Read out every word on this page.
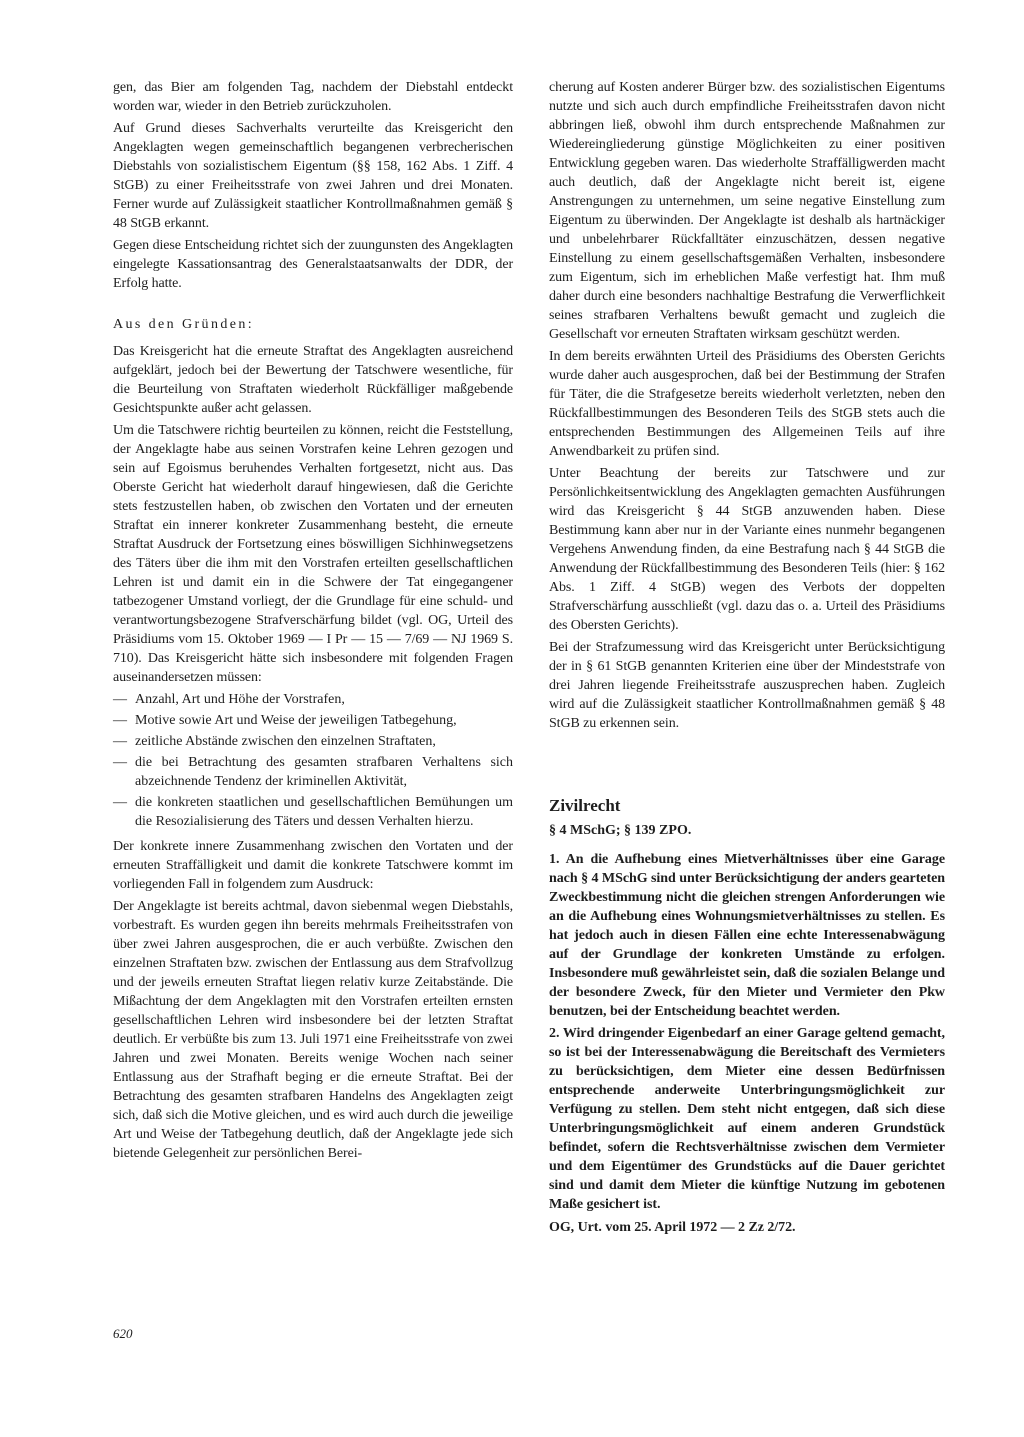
gen, das Bier am folgenden Tag, nachdem der Diebstahl entdeckt worden war, wieder in den Betrieb zurückzuholen.

Auf Grund dieses Sachverhalts verurteilte das Kreisgericht den Angeklagten wegen gemeinschaftlich begangenen verbrecherischen Diebstahls von sozialistischem Eigentum (§§ 158, 162 Abs. 1 Ziff. 4 StGB) zu einer Freiheitsstrafe von zwei Jahren und drei Monaten. Ferner wurde auf Zulässigkeit staatlicher Kontrollmaßnahmen gemäß § 48 StGB erkannt.

Gegen diese Entscheidung richtet sich der zuungunsten des Angeklagten eingelegte Kassationsantrag des Generalstaatsanwalts der DDR, der Erfolg hatte.

Aus den Gründen:

Das Kreisgericht hat die erneute Straftat des Angeklagten ausreichend aufgeklärt, jedoch bei der Bewertung der Tatschwere wesentliche, für die Beurteilung von Straftaten wiederholt Rückfälliger maßgebende Gesichtspunkte außer acht gelassen.

Um die Tatschwere richtig beurteilen zu können, reicht die Feststellung, der Angeklagte habe aus seinen Vorstrafen keine Lehren gezogen und sein auf Egoismus beruhendes Verhalten fortgesetzt, nicht aus. Das Oberste Gericht hat wiederholt darauf hingewiesen, daß die Gerichte stets festzustellen haben, ob zwischen den Vortaten und der erneuten Straftat ein innerer konkreter Zusammenhang besteht, die erneute Straftat Ausdruck der Fortsetzung eines böswilligen Sichhinwegsetzens des Täters über die ihm mit den Vorstrafen erteilten gesellschaftlichen Lehren ist und damit ein in die Schwere der Tat eingegangener tatbezogener Umstand vorliegt, der die Grundlage für eine schuld- und verantwortungsbezogene Strafverschärfung bildet (vgl. OG, Urteil des Präsidiums vom 15. Oktober 1969 — I Pr — 15 — 7/69 — NJ 1969 S. 710). Das Kreisgericht hätte sich insbesondere mit folgenden Fragen auseinandersetzen müssen:

— Anzahl, Art und Höhe der Vorstrafen,
— Motive sowie Art und Weise der jeweiligen Tatbegehung,
— zeitliche Abstände zwischen den einzelnen Straftaten,
— die bei Betrachtung des gesamten strafbaren Verhaltens sich abzeichnende Tendenz der kriminellen Aktivität,
— die konkreten staatlichen und gesellschaftlichen Bemühungen um die Resozialisierung des Täters und dessen Verhalten hierzu.

Der konkrete innere Zusammenhang zwischen den Vortaten und der erneuten Straffälligkeit und damit die konkrete Tatschwere kommt im vorliegenden Fall in folgendem zum Ausdruck:

Der Angeklagte ist bereits achtmal, davon siebenmal wegen Diebstahls, vorbestraft. Es wurden gegen ihn bereits mehrmals Freiheitsstrafen von über zwei Jahren ausgesprochen, die er auch verbüßte. Zwischen den einzelnen Straftaten bzw. zwischen der Entlassung aus dem Strafvollzug und der jeweils erneuten Straftat liegen relativ kurze Zeitabstände. Die Mißachtung der dem Angeklagten mit den Vorstrafen erteilten ernsten gesellschaftlichen Lehren wird insbesondere bei der letzten Straftat deutlich. Er verbüßte bis zum 13. Juli 1971 eine Freiheitsstrafe von zwei Jahren und zwei Monaten. Bereits wenige Wochen nach seiner Entlassung aus der Strafhaft beging er die erneute Straftat. Bei der Betrachtung des gesamten strafbaren Handelns des Angeklagten zeigt sich, daß sich die Motive gleichen, und es wird auch durch die jeweilige Art und Weise der Tatbegehung deutlich, daß der Angeklagte jede sich bietende Gelegenheit zur persönlichen Berei-

cherung auf Kosten anderer Bürger bzw. des sozialistischen Eigentums nutzte und sich auch durch empfindliche Freiheitsstrafen davon nicht abbringen ließ, obwohl ihm durch entsprechende Maßnahmen zur Wiedereingliederung günstige Möglichkeiten zu einer positiven Entwicklung gegeben waren. Das wiederholte Straffälligwerden macht auch deutlich, daß der Angeklagte nicht bereit ist, eigene Anstrengungen zu unternehmen, um seine negative Einstellung zum Eigentum zu überwinden. Der Angeklagte ist deshalb als hartnäckiger und unbelehrbarer Rückfalltäter einzuschätzen, dessen negative Einstellung zu einem gesellschaftsgemäßen Verhalten, insbesondere zum Eigentum, sich im erheblichen Maße verfestigt hat. Ihm muß daher durch eine besonders nachhaltige Bestrafung die Verwerflichkeit seines strafbaren Verhaltens bewußt gemacht und zugleich die Gesellschaft vor erneuten Straftaten wirksam geschützt werden.

In dem bereits erwähnten Urteil des Präsidiums des Obersten Gerichts wurde daher auch ausgesprochen, daß bei der Bestimmung der Strafen für Täter, die die Strafgesetze bereits wiederholt verletzten, neben den Rückfallbestimmungen des Besonderen Teils des StGB stets auch die entsprechenden Bestimmungen des Allgemeinen Teils auf ihre Anwendbarkeit zu prüfen sind.

Unter Beachtung der bereits zur Tatschwere und zur Persönlichkeitsentwicklung des Angeklagten gemachten Ausführungen wird das Kreisgericht § 44 StGB anzuwenden haben. Diese Bestimmung kann aber nur in der Variante eines nunmehr begangenen Vergehens Anwendung finden, da eine Bestrafung nach § 44 StGB die Anwendung der Rückfallbestimmung des Besonderen Teils (hier: § 162 Abs. 1 Ziff. 4 StGB) wegen des Verbots der doppelten Strafverschärfung ausschließt (vgl. dazu das o. a. Urteil des Präsidiums des Obersten Gerichts).

Bei der Strafzumessung wird das Kreisgericht unter Berücksichtigung der in § 61 StGB genannten Kriterien eine über der Mindeststrafe von drei Jahren liegende Freiheitsstrafe auszusprechen haben. Zugleich wird auf die Zulässigkeit staatlicher Kontrollmaßnahmen gemäß § 48 StGB zu erkennen sein.

Zivilrecht
§ 4 MSchG; § 139 ZPO.

1. An die Aufhebung eines Mietverhältnisses über eine Garage nach § 4 MSchG sind unter Berücksichtigung der anders gearteten Zweckbestimmung nicht die gleichen strengen Anforderungen wie an die Aufhebung eines Wohnungsmietverhältnisses zu stellen. Es hat jedoch auch in diesen Fällen eine echte Interessenabwägung auf der Grundlage der konkreten Umstände zu erfolgen. Insbesondere muß gewährleistet sein, daß die sozialen Belange und der besondere Zweck, für den Mieter und Vermieter den Pkw benutzen, bei der Entscheidung beachtet werden.

2. Wird dringender Eigenbedarf an einer Garage geltend gemacht, so ist bei der Interessenabwägung die Bereitschaft des Vermieters zu berücksichtigen, dem Mieter eine dessen Bedürfnissen entsprechende anderweite Unterbringungsmöglichkeit zur Verfügung zu stellen. Dem steht nicht entgegen, daß sich diese Unterbringungsmöglichkeit auf einem anderen Grundstück befindet, sofern die Rechtsverhältnisse zwischen dem Vermieter und dem Eigentümer des Grundstücks auf die Dauer gerichtet sind und damit dem Mieter die künftige Nutzung im gebotenen Maße gesichert ist.

OG, Urt. vom 25. April 1972 — 2 Zz 2/72.

620
